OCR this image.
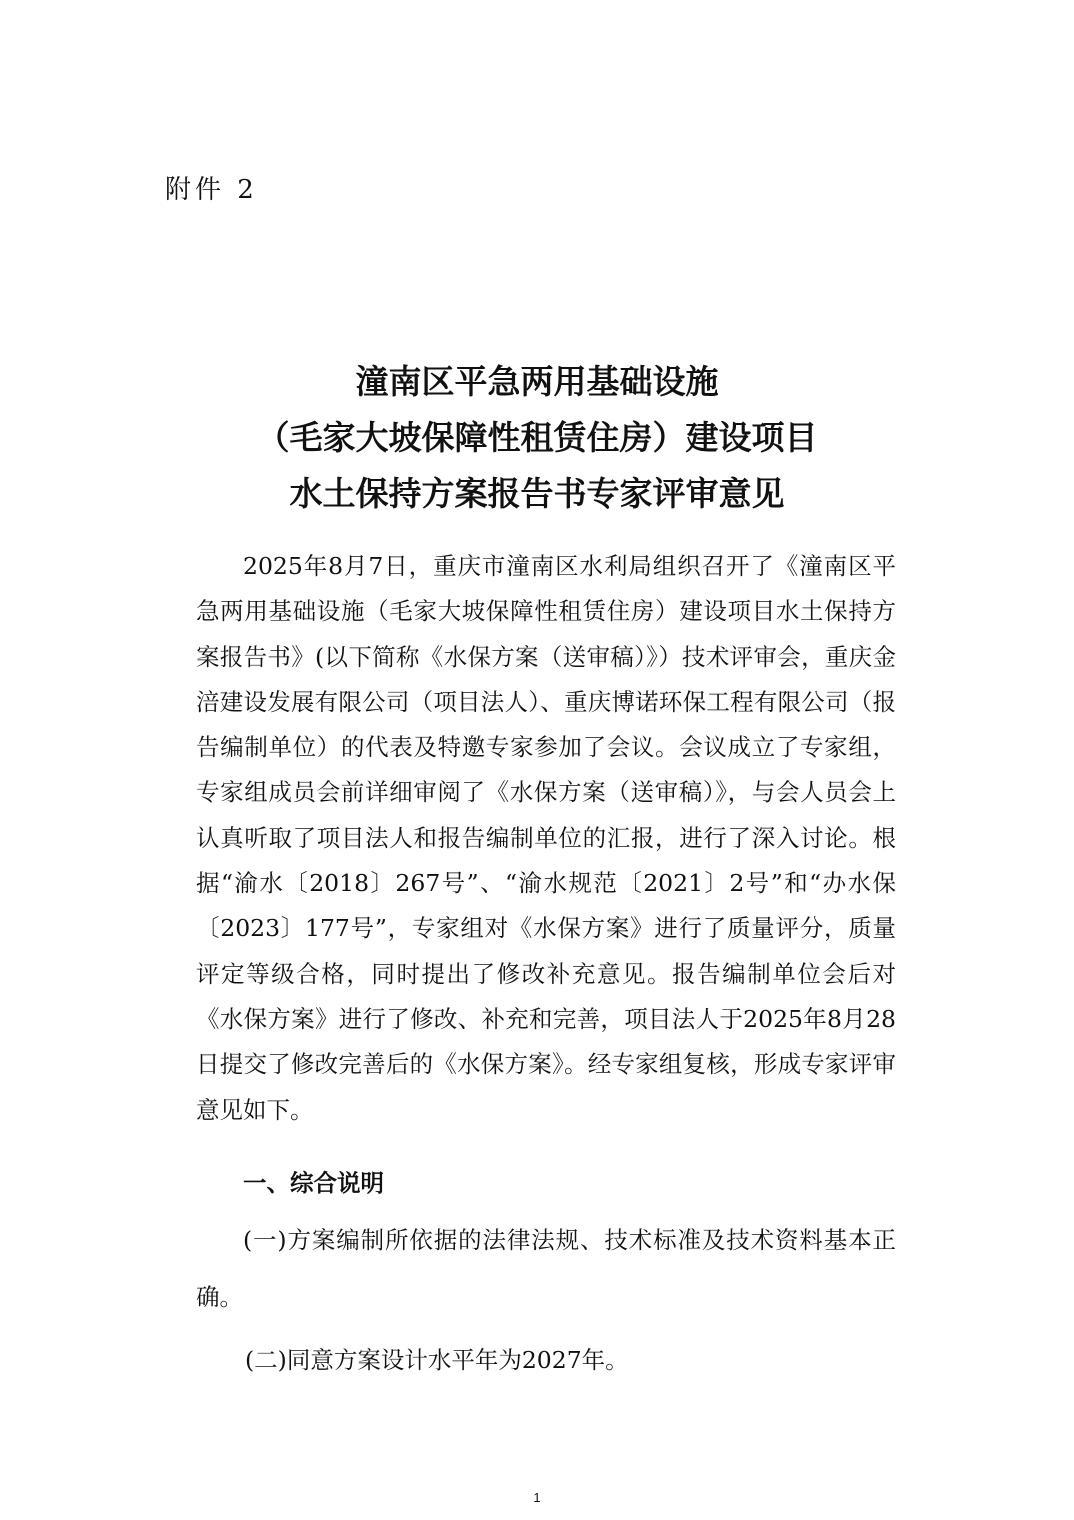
附件 2
潼南区平急两用基础设施
（毛家大坡保障性租赁住房）建设项目
水土保持方案报告书专家评审意见

2025年8月7日，重庆市潼南区水利局组织召开了《潼南区平急两用基础设施（毛家大坡保障性租赁住房）建设项目水土保持方案报告书》(以下简称《水保方案（送审稿）》）技术评审会，重庆金涪建设发展有限公司（项目法人）、重庆博诺环保工程有限公司（报告编制单位）的代表及特邀专家参加了会议。会议成立了专家组，专家组成员会前详细审阅了《水保方案（送审稿）》，与会人员会上认真听取了项目法人和报告编制单位的汇报，进行了深入讨论。根据“渝水〔2018〕267号”、“渝水规范〔2021〕2号”和“办水保〔2023〕177号”，专家组对《水保方案》进行了质量评分，质量评定等级合格，同时提出了修改补充意见。报告编制单位会后对《水保方案》进行了修改、补充和完善，项目法人于2025年8月28日提交了修改完善后的《水保方案》。经专家组复核，形成专家评审意见如下。

一、综合说明

(一)方案编制所依据的法律法规、技术标准及技术资料基本正确。

(二)同意方案设计水平年为2027年。

1
